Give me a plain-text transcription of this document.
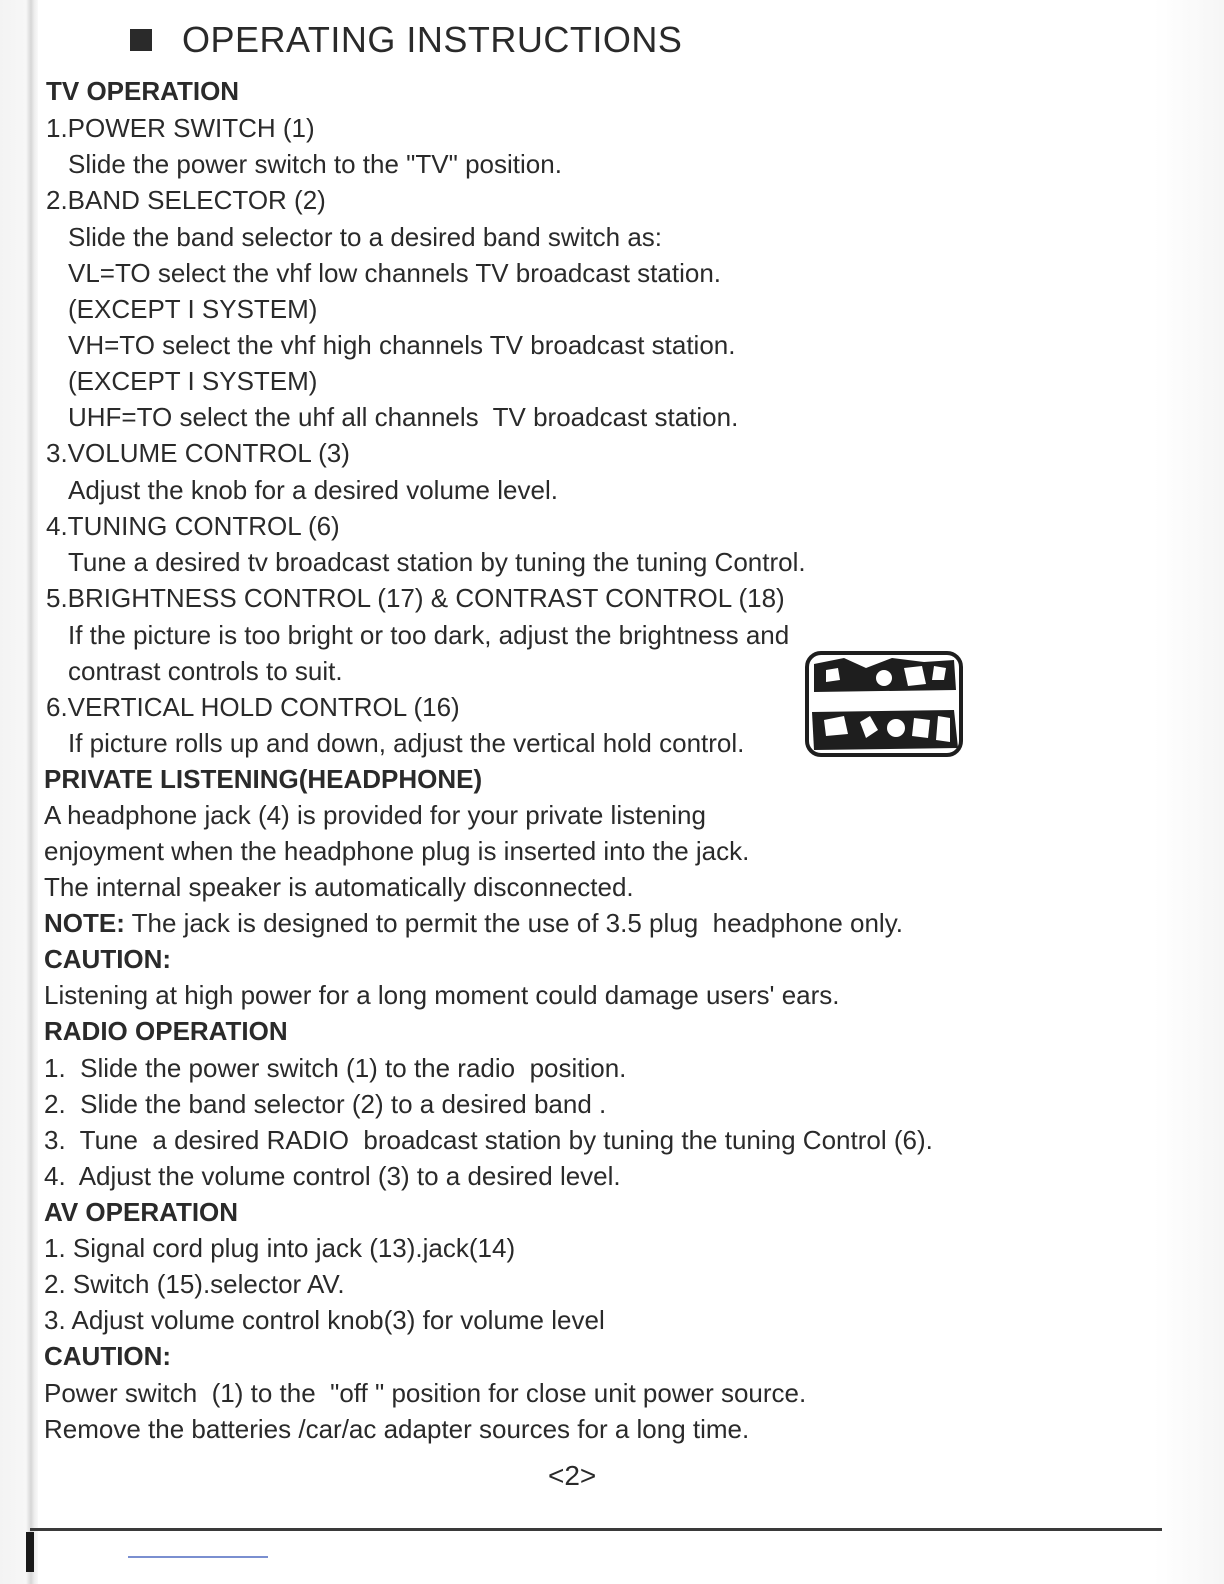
OPERATING INSTRUCTIONS
TV OPERATION
1.POWER SWITCH (1)
Slide the power switch to the "TV" position.
2.BAND SELECTOR (2)
Slide the band selector to a desired band switch as:
VL=TO select the vhf low channels TV broadcast station.
(EXCEPT I SYSTEM)
VH=TO select the vhf high channels TV broadcast station.
(EXCEPT I SYSTEM)
UHF=TO select the uhf all channels  TV broadcast station.
3.VOLUME CONTROL (3)
Adjust the knob for a desired volume level.
4.TUNING CONTROL (6)
Tune a desired tv broadcast station by tuning the tuning Control.
5.BRIGHTNESS CONTROL (17) & CONTRAST CONTROL (18)
If the picture is too bright or too dark, adjust the brightness and
contrast controls to suit.
6.VERTICAL HOLD CONTROL (16)
If picture rolls up and down, adjust the vertical hold control.
PRIVATE LISTENING(HEADPHONE)
A headphone jack (4) is provided for your private listening
enjoyment when the headphone plug is inserted into the jack.
The internal speaker is automatically disconnected.
NOTE: The jack is designed to permit the use of 3.5 plug  headphone only.
CAUTION:
Listening at high power for a long moment could damage users' ears.
RADIO OPERATION
1.  Slide the power switch (1) to the radio  position.
2.  Slide the band selector (2) to a desired band .
3.  Tune  a desired RADIO  broadcast station by tuning the tuning Control (6).
4.  Adjust the volume control (3) to a desired level.
AV OPERATION
1. Signal cord plug into jack (13).jack(14)
2. Switch (15).selector AV.
3. Adjust volume control knob(3) for volume level
CAUTION:
Power switch  (1) to the  "off " position for close unit power source.
Remove the batteries /car/ac adapter sources for a long time.
<2>
